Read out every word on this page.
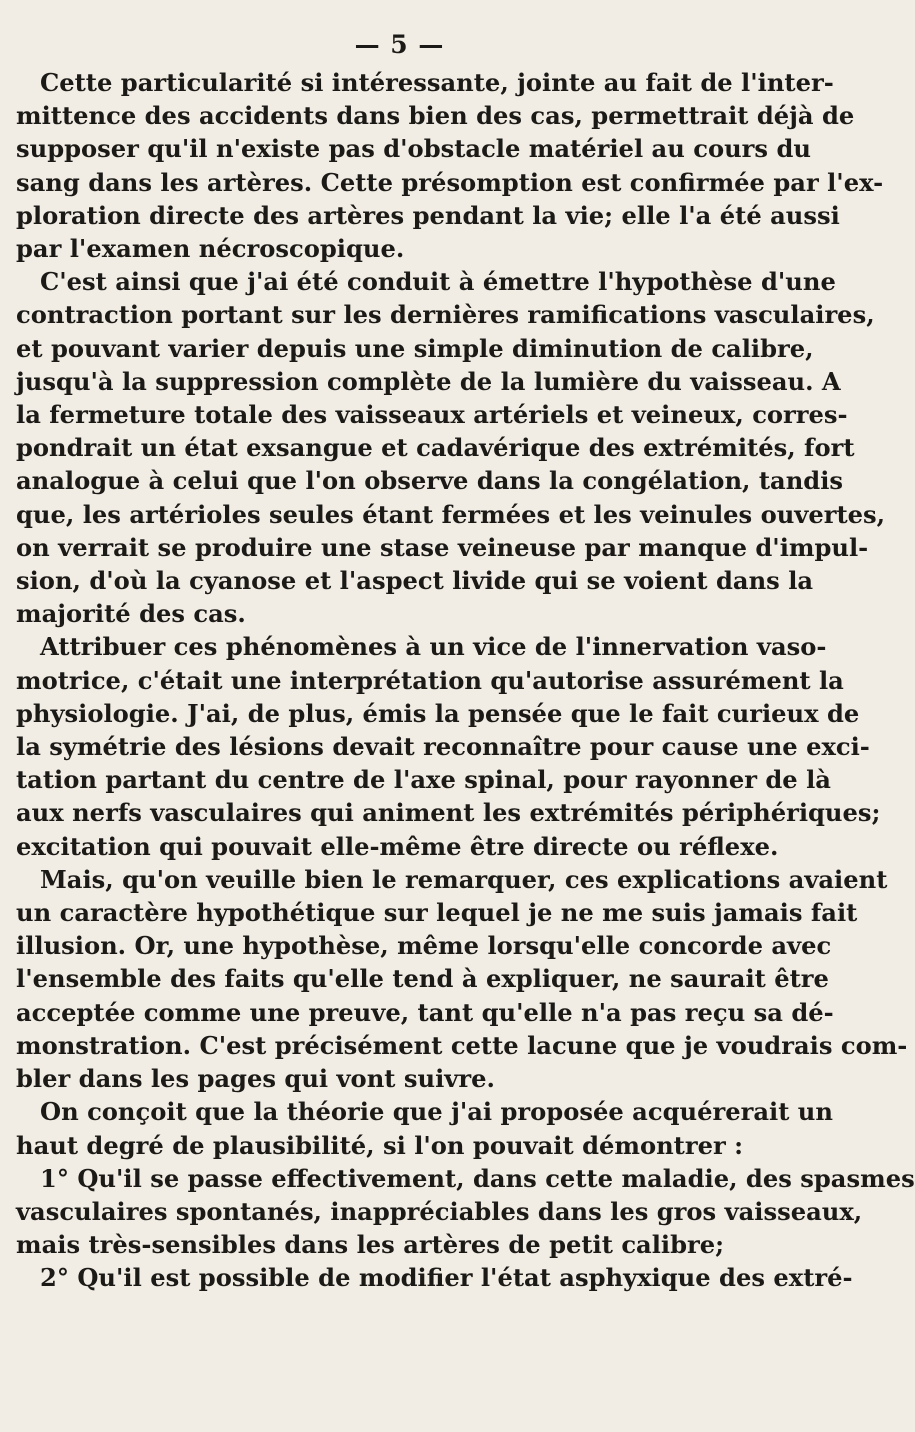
— 5 —

Cette particularité si intéressante, jointe au fait de l'inter-
mittence des accidents dans bien des cas, permettrait déjà de
supposer qu'il n'existe pas d'obstacle matériel au cours du
sang dans les artères. Cette présomption est confirmée par l'ex-
ploration directe des artères pendant la vie; elle l'a été aussi
par l'examen nécroscopique.

C'est ainsi que j'ai été conduit à émettre l'hypothèse d'une
contraction portant sur les dernières ramifications vasculaires,
et pouvant varier depuis une simple diminution de calibre,
jusqu'à la suppression complète de la lumière du vaisseau. A
la fermeture totale des vaisseaux artériels et veineux, corres-
pondrait un état exsangue et cadavérique des extrémités, fort
analogue à celui que l'on observe dans la congélation, tandis
que, les artérioles seules étant fermées et les veinules ouvertes,
on verrait se produire une stase veineuse par manque d'impul-
sion, d'où la cyanose et l'aspect livide qui se voient dans la
majorité des cas.

Attribuer ces phénomènes à un vice de l'innervation vaso-
motrice, c'était une interprétation qu'autorise assurément la
physiologie. J'ai, de plus, émis la pensée que le fait curieux de
la symétrie des lésions devait reconnaître pour cause une exci-
tation partant du centre de l'axe spinal, pour rayonner de là
aux nerfs vasculaires qui animent les extrémités périphériques;
excitation qui pouvait elle-même être directe ou réflexe.

Mais, qu'on veuille bien le remarquer, ces explications avaient
un caractère hypothétique sur lequel je ne me suis jamais fait
illusion. Or, une hypothèse, même lorsqu'elle concorde avec
l'ensemble des faits qu'elle tend à expliquer, ne saurait être
acceptée comme une preuve, tant qu'elle n'a pas reçu sa dé-
monstration. C'est précisément cette lacune que je voudrais com-
bler dans les pages qui vont suivre.

On conçoit que la théorie que j'ai proposée acquérerait un
haut degré de plausibilité, si l'on pouvait démontrer :

1° Qu'il se passe effectivement, dans cette maladie, des spasmes
vasculaires spontanés, inappréciables dans les gros vaisseaux,
mais très-sensibles dans les artères de petit calibre;

2° Qu'il est possible de modifier l'état asphyxique des extré-
